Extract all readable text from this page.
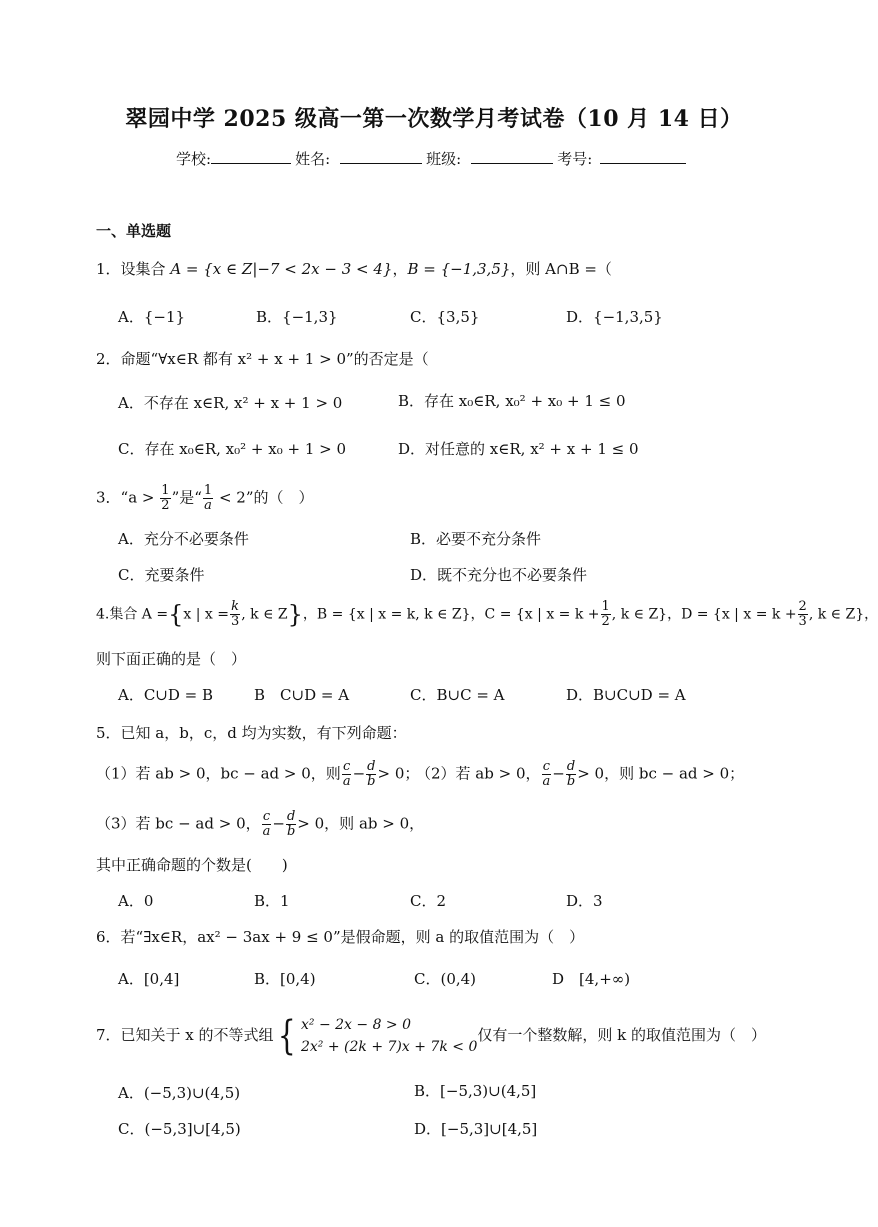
翠园中学 2025 级高一第一次数学月考试卷（10 月 14 日）
学校:	姓名:	班级:	考号:
一、单选题
1．设集合 A = {x ∈ Z|−7 < 2x − 3 < 4}，B = {−1,3,5}，则 A∩B =（
A．{−1}	B．{−1,3}	C．{3,5}	D．{−1,3,5}
2．命题“∀x∈R 都有 x² + x + 1 > 0”的否定是（
A．不存在 x∈R, x² + x + 1 > 0	B．存在 x₀∈R, x₀² + x₀ + 1 ≤ 0
C．存在 x₀∈R, x₀² + x₀ + 1 > 0	D．对任意的 x∈R, x² + x + 1 ≤ 0
3．“$a > \frac{1}{2}$ ”是“ $\frac{1}{a} < 2$”的（　）
A．充分不必要条件	B．必要不充分条件
C．充要条件	D．既不充分也不必要条件
4.集合 A ={x | $x = \frac{k}{3}$ , k ∈ Z}，B = {x | x = k, k ∈ Z}，C = {x | $x = k + \frac{1}{2}$ , k ∈ Z}，D = {x | $x = k + \frac{2}{3}$ , k ∈ Z}，
则下面正确的是（　）
A．C∪D = B	B　C∪D = A	C．B∪C = A	D．B∪C∪D = A
5．已知 a，b，c，d 均为实数，有下列命题：
（1）若 ab > 0，bc − ad > 0，则 $\frac{c}{a} - \frac{d}{b} > 0$；
（2）若 ab > 0， $\frac{c}{a} - \frac{d}{b} > 0$，则 bc − ad > 0；
（3）若 bc − ad > 0， $\frac{c}{a} - \frac{d}{b} > 0$，则 ab > 0，
其中正确命题的个数是(　　)
A．0	B．1	C．2	D．3
6．若“∃x∈R，ax² − 3ax + 9 ≤ 0”是假命题，则 a 的取值范围为（　）
A．[0,4]	B．[0,4)	C．(0,4)	D　[4,+∞)
7．已知关于 x 的不等式组 { x² − 2x − 8 > 0
2x² + (2k + 7)x + 7k < 0
仅有一个整数解，则 k 的取值范围为（　）
A．(−5,3)∪(4,5)	B．[−5,3)∪(4,5]
C．(−5,3]∪[4,5)	D．[−5,3]∪[4,5]
